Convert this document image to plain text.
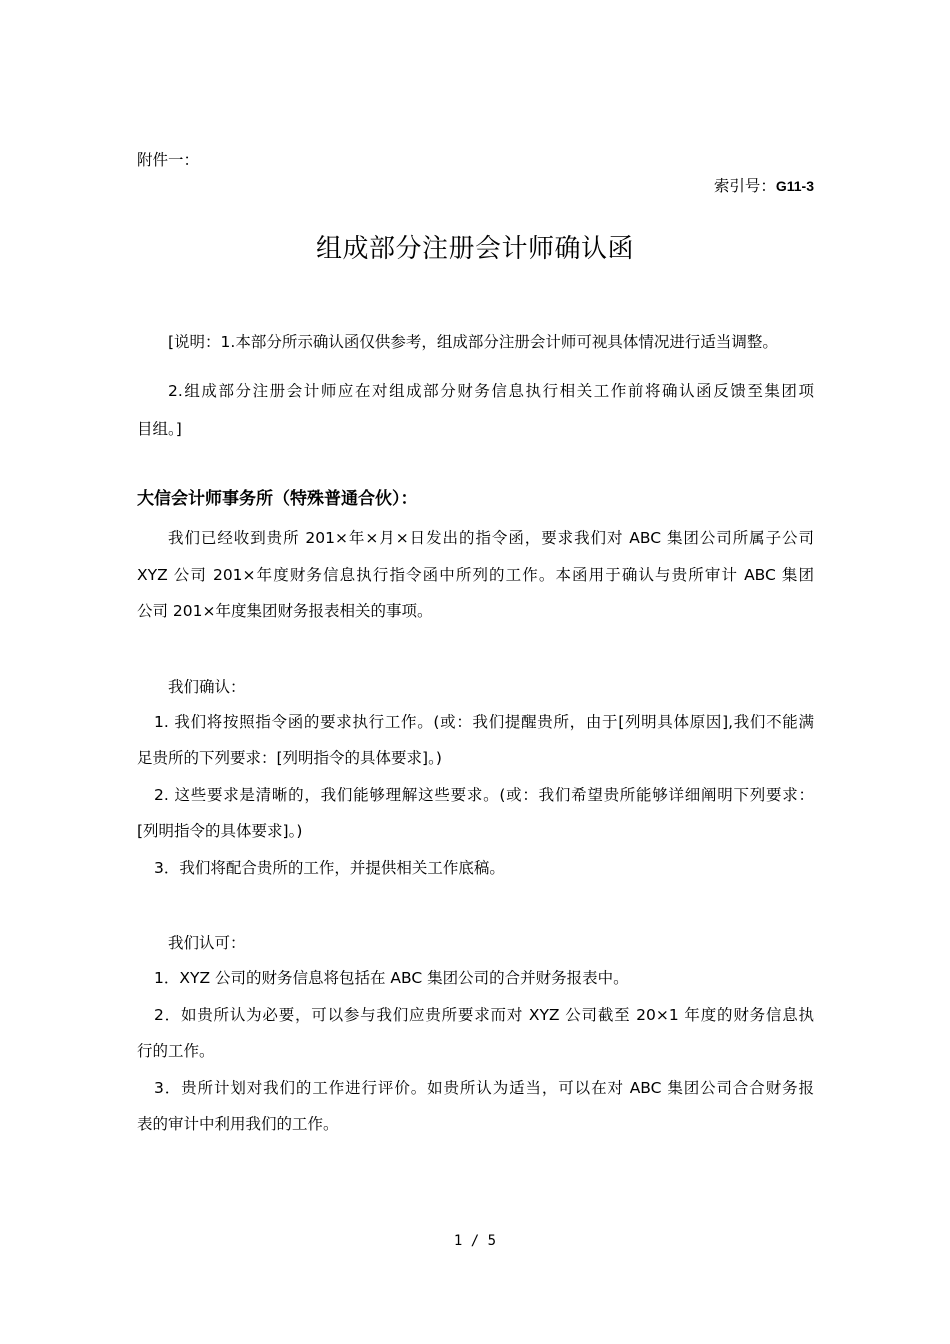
附件一：
索引号：G11-3
组成部分注册会计师确认函
[说明：1.本部分所示确认函仅供参考，组成部分注册会计师可视具体情况进行适当调整。
2.组成部分注册会计师应在对组成部分财务信息执行相关工作前将确认函反馈至集团项
目组。]
大信会计师事务所（特殊普通合伙）：
我们已经收到贵所 201×年×月×日发出的指令函，要求我们对 ABC 集团公司所属子公司
XYZ 公司 201×年度财务信息执行指令函中所列的工作。本函用于确认与贵所审计 ABC 集团
公司 201×年度集团财务报表相关的事项。
我们确认：
1. 我们将按照指令函的要求执行工作。(或：我们提醒贵所，由于[列明具体原因],我们不能满
足贵所的下列要求：[列明指令的具体要求]。)
2. 这些要求是清晰的，我们能够理解这些要求。(或：我们希望贵所能够详细阐明下列要求：
[列明指令的具体要求]。)
3．我们将配合贵所的工作，并提供相关工作底稿。
我们认可：
1．XYZ 公司的财务信息将包括在 ABC 集团公司的合并财务报表中。
2．如贵所认为必要，可以参与我们应贵所要求而对 XYZ 公司截至 20×1 年度的财务信息执
行的工作。
3．贵所计划对我们的工作进行评价。如贵所认为适当，可以在对 ABC 集团公司合合财务报
表的审计中利用我们的工作。
1 / 5
